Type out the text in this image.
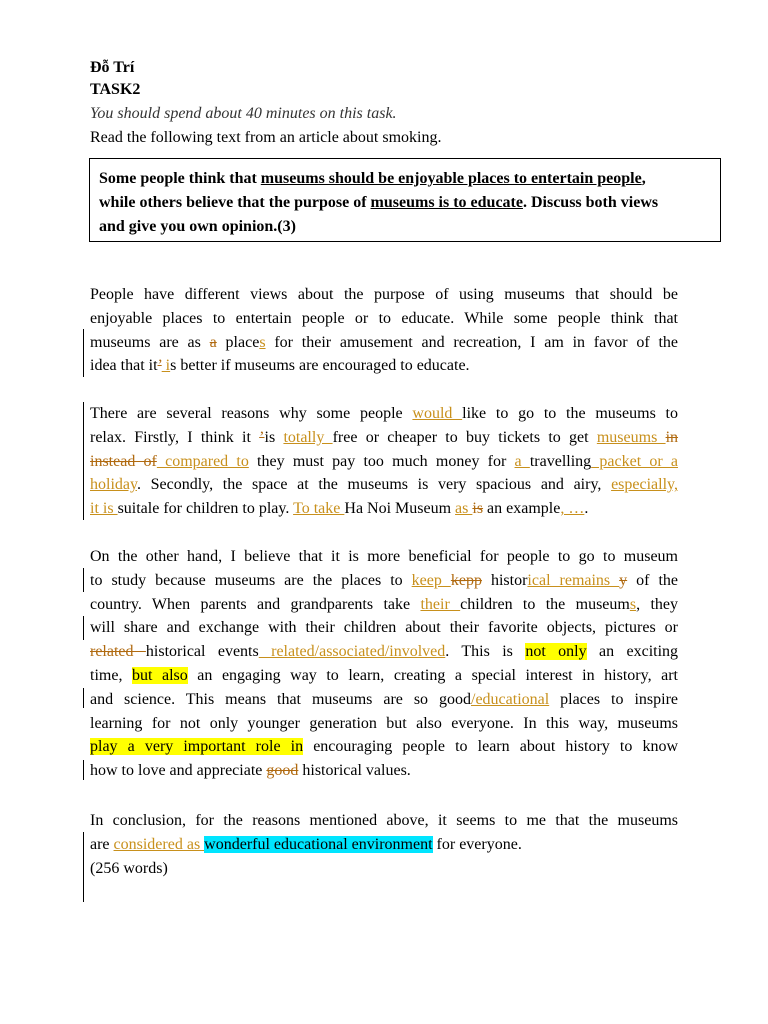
Đỗ Trí
TASK2
You should spend about 40 minutes on this task.
Read the following text from an article about smoking.
Some people think that museums should be enjoyable places to entertain people,
while others believe that the purpose of museums is to educate. Discuss both views
and give you own opinion.(3)
People have different views about the purpose of using museums that should be
enjoyable places to entertain people or to educate. While some people think that
museums are as a places for their amusement and recreation, I am in favor of the
idea that it’ is better if museums are encouraged to educate.
There are several reasons why some people would like to go to the museums to
relax. Firstly, I think it ’is totally free or cheaper to buy tickets to get museums in
instead of compared to they must pay too much money for a travelling packet or a
holiday. Secondly, the space at the museums is very spacious and airy, especially,
it is suitale for children to play. To take Ha Noi Museum as is an example, ….
On the other hand, I believe that it is more beneficial for people to go to museum
to study because museums are the places to keep kepp historical remains y of the
country. When parents and grandparents take their children to the museums, they
will share and exchange with their children about their favorite objects, pictures or
related historical events related/associated/involved. This is not only an exciting
time, but also an engaging way to learn, creating a special interest in history, art
and science. This means that museums are so good/educational places to inspire
learning for not only younger generation but also everyone. In this way, museums
play a very important role in encouraging people to learn about history to know
how to love and appreciate good historical values.
In conclusion, for the reasons mentioned above, it seems to me that the museums
are considered as wonderful educational environment for everyone.
(256 words)
